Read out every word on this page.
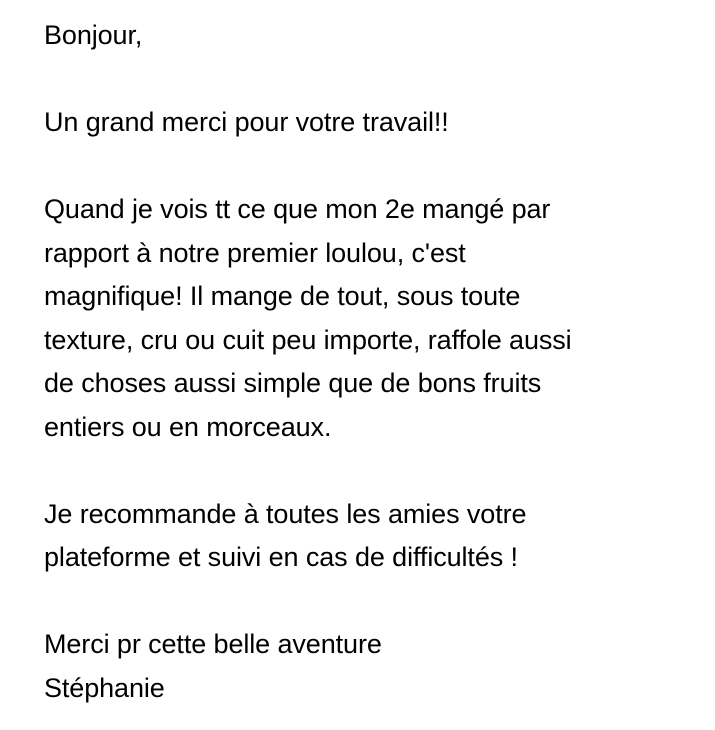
Bonjour,
Un grand merci pour votre travail!!
Quand je vois tt ce que mon 2e mangé par
rapport à notre premier loulou, c'est
magnifique! Il mange de tout, sous toute
texture, cru ou cuit peu importe, raffole aussi
de choses aussi simple que de bons fruits
entiers ou en morceaux.
Je recommande à toutes les amies votre
plateforme et suivi en cas de difficultés !
Merci pr cette belle aventure
Stéphanie
